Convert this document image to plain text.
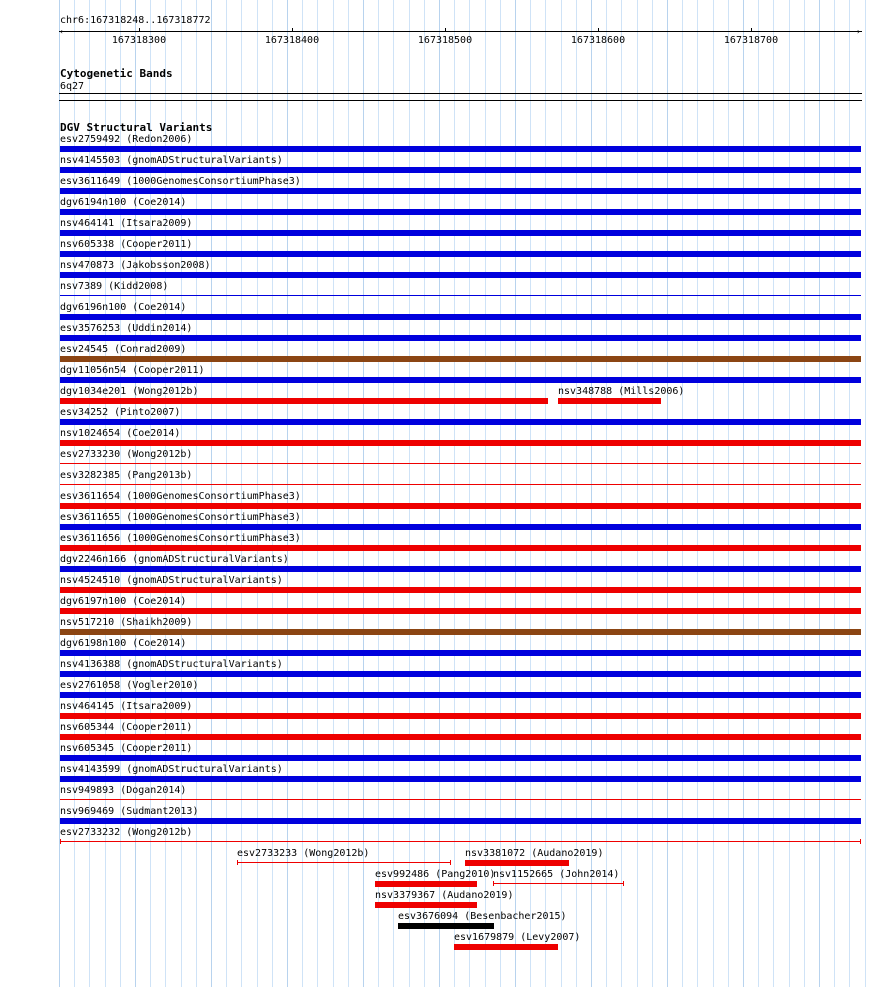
chr6:167318248..167318772
‹	›
167318300	167318400	167318500	167318600	167318700
Cytogenetic Bands
6q27
DGV Structural Variants
esv2759492 (Redon2006)
nsv4145503 (gnomADStructuralVariants)
esv3611649 (1000GenomesConsortiumPhase3)
dgv6194n100 (Coe2014)
nsv464141 (Itsara2009)
nsv605338 (Cooper2011)
nsv470873 (Jakobsson2008)
nsv7389 (Kidd2008)
dgv6196n100 (Coe2014)
esv3576253 (Uddin2014)
esv24545 (Conrad2009)
dgv11056n54 (Cooper2011)
dgv1034e201 (Wong2012b)	nsv348788 (Mills2006)
esv34252 (Pinto2007)
nsv1024654 (Coe2014)
esv2733230 (Wong2012b)
esv3282385 (Pang2013b)
esv3611654 (1000GenomesConsortiumPhase3)
esv3611655 (1000GenomesConsortiumPhase3)
esv3611656 (1000GenomesConsortiumPhase3)
dgv2246n166 (gnomADStructuralVariants)
nsv4524510 (gnomADStructuralVariants)
dgv6197n100 (Coe2014)
nsv517210 (Shaikh2009)
dgv6198n100 (Coe2014)
nsv4136388 (gnomADStructuralVariants)
esv2761058 (Vogler2010)
nsv464145 (Itsara2009)
nsv605344 (Cooper2011)
nsv605345 (Cooper2011)
nsv4143599 (gnomADStructuralVariants)
nsv949893 (Dogan2014)
nsv969469 (Sudmant2013)
esv2733232 (Wong2012b)
esv2733233 (Wong2012b)	nsv3381072 (Audano2019)
esv992486 (Pang2010)
nsv1152665 (John2014)
nsv3379367 (Audano2019)
esv3676094 (Besenbacher2015)
esv1679879 (Levy2007)
